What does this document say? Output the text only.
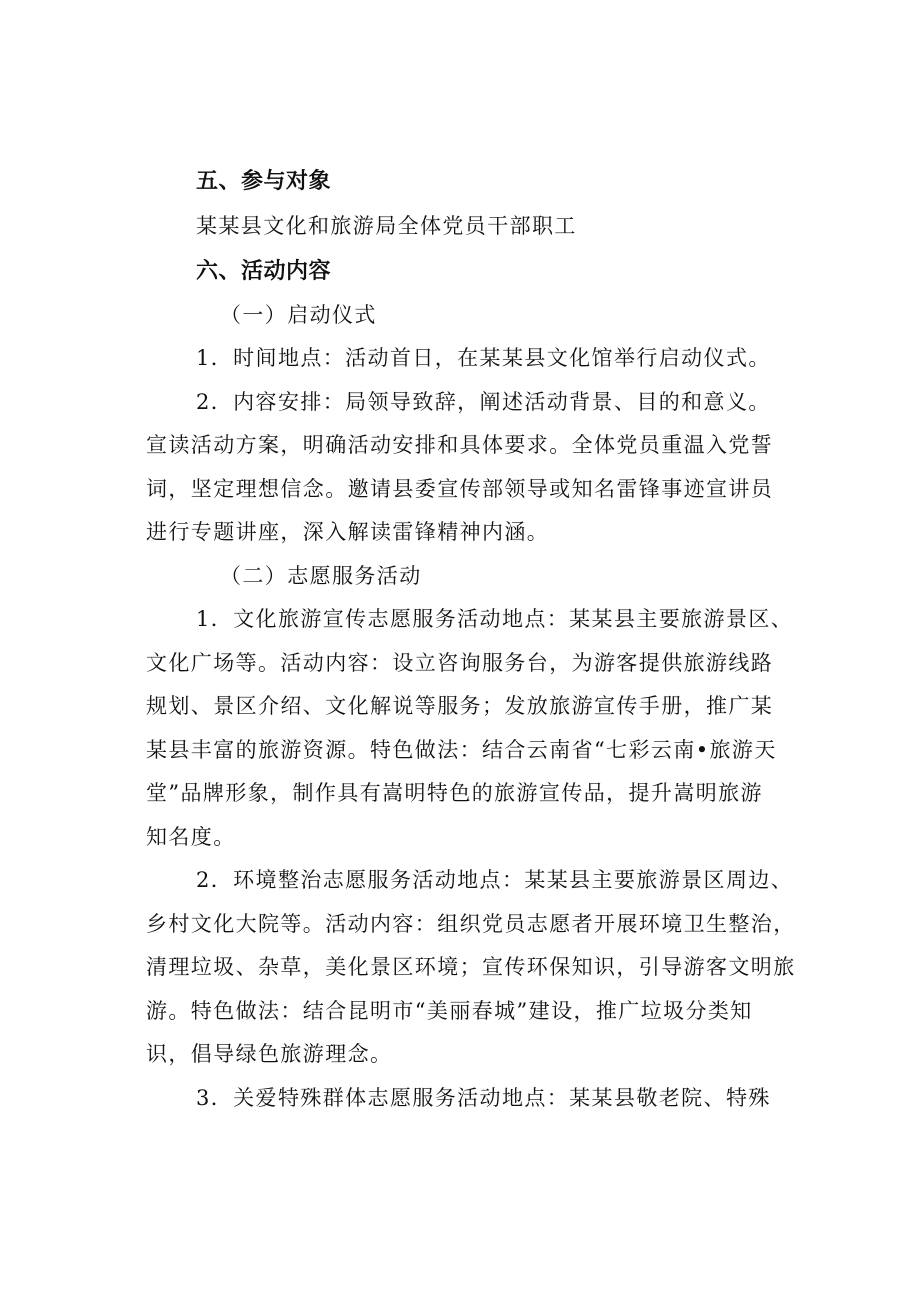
五、参与对象
某某县文化和旅游局全体党员干部职工
六、活动内容
（一）启动仪式
1．时间地点：活动首日，在某某县文化馆举行启动仪式。
2．内容安排：局领导致辞，阐述活动背景、目的和意义。
宣读活动方案，明确活动安排和具体要求。全体党员重温入党誓
词，坚定理想信念。邀请县委宣传部领导或知名雷锋事迹宣讲员
进行专题讲座，深入解读雷锋精神内涵。
（二）志愿服务活动
1．文化旅游宣传志愿服务活动地点：某某县主要旅游景区、
文化广场等。活动内容：设立咨询服务台，为游客提供旅游线路
规划、景区介绍、文化解说等服务；发放旅游宣传手册，推广某
某县丰富的旅游资源。特色做法：结合云南省“七彩云南•旅游天
堂”品牌形象，制作具有嵩明特色的旅游宣传品，提升嵩明旅游
知名度。
2．环境整治志愿服务活动地点：某某县主要旅游景区周边、
乡村文化大院等。活动内容：组织党员志愿者开展环境卫生整治，
清理垃圾、杂草，美化景区环境；宣传环保知识，引导游客文明旅
游。特色做法：结合昆明市“美丽春城”建设，推广垃圾分类知
识，倡导绿色旅游理念。
3．关爱特殊群体志愿服务活动地点：某某县敬老院、特殊
